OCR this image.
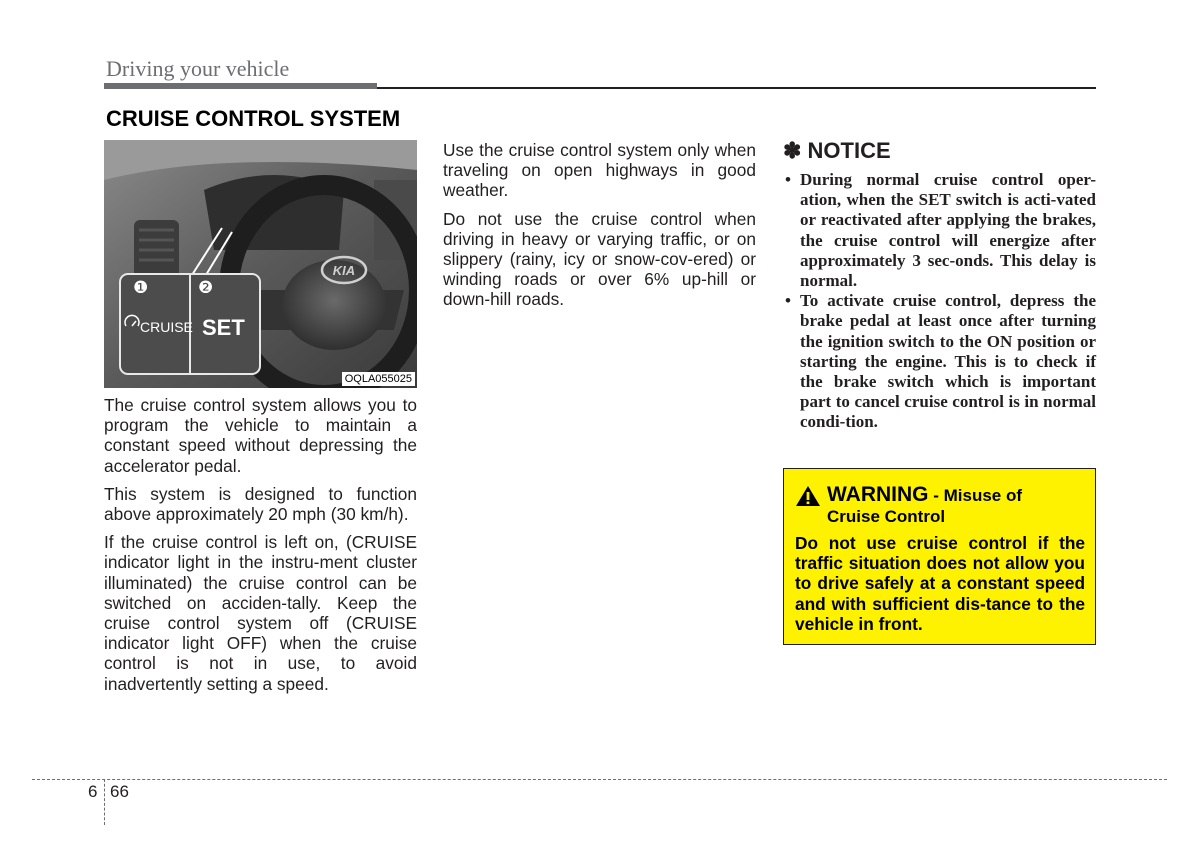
Driving your vehicle
CRUISE CONTROL SYSTEM
KIA
❶	❷
CRUISE SET
OQLA055025

The cruise control system allows you to program the vehicle to maintain a constant speed without depressing the accelerator pedal.

This system is designed to function above approximately 20 mph (30 km/h).

If the cruise control is left on, (CRUISE indicator light in the instru-ment cluster illuminated) the cruise control can be switched on acciden-tally. Keep the cruise control system off (CRUISE indicator light OFF) when the cruise control is not in use, to avoid inadvertently setting a speed.

Use the cruise control system only when traveling on open highways in good weather.

Do not use the cruise control when driving in heavy or varying traffic, or on slippery (rainy, icy or snow-cov-ered) or winding roads or over 6% up-hill or down-hill roads.

✽ NOTICE
• During normal cruise control oper-ation, when the SET switch is acti-vated or reactivated after applying the brakes, the cruise control will energize after approximately 3 sec-onds. This delay is normal.
• To activate cruise control, depress the brake pedal at least once after turning the ignition switch to the ON position or starting the engine. This is to check if the brake switch which is important part to cancel cruise control is in normal condi-tion.
WARNING - Misuse of
Cruise Control

Do not use cruise control if the traffic situation does not allow you to drive safely at a constant speed and with sufficient dis-tance to the vehicle in front.

6 66
